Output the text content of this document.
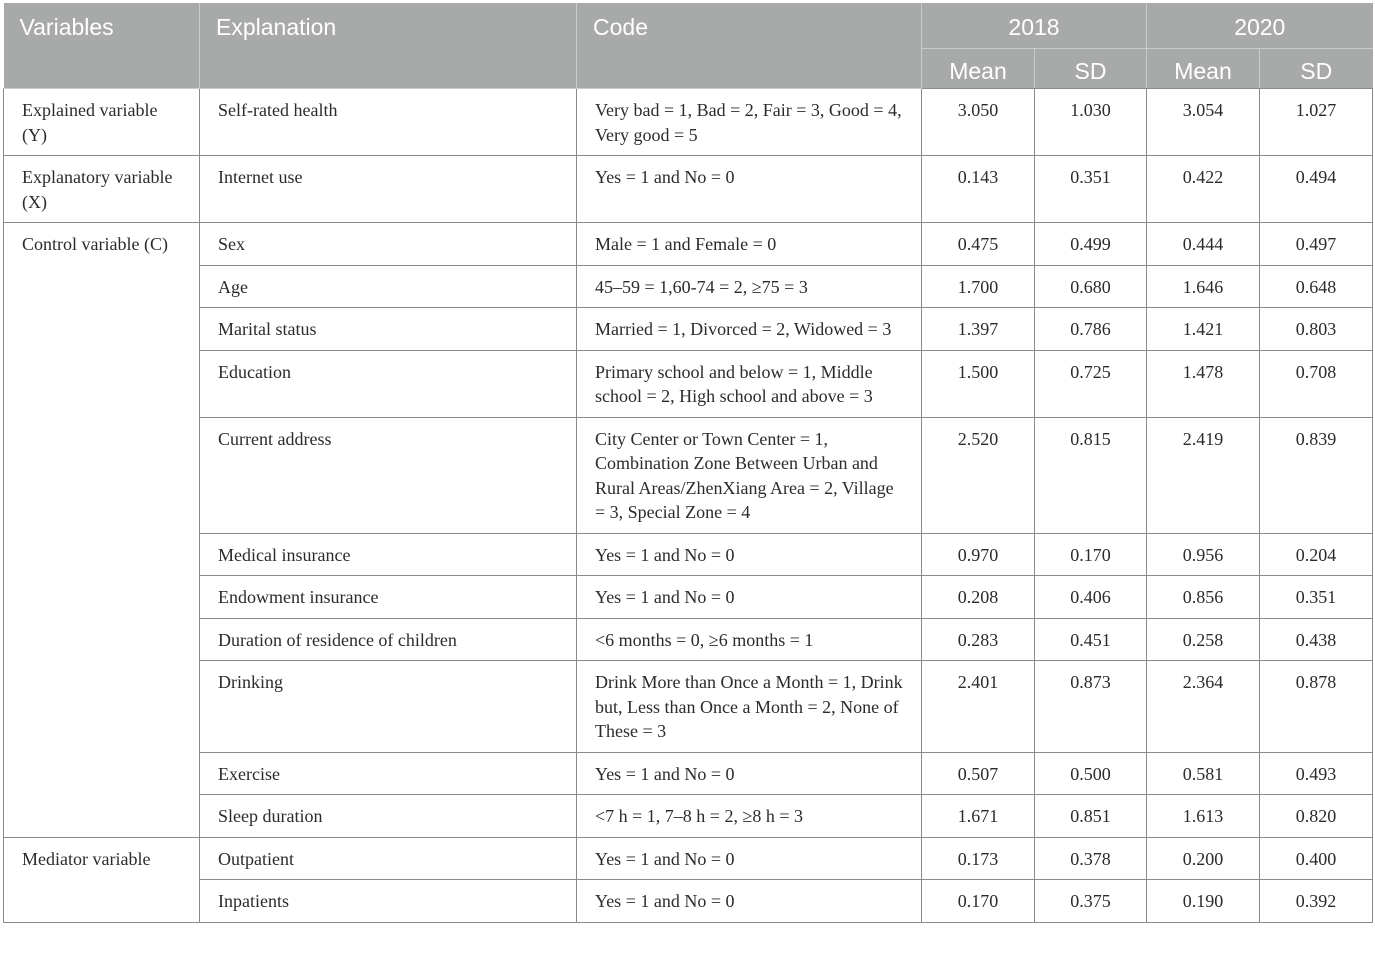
Variables	Explanation	Code	2018		2020	
			Mean	SD	Mean	SD
Explained variable (Y)	Self-rated health	Very bad = 1, Bad = 2, Fair = 3, Good = 4, Very good = 5	3.050	1.030	3.054	1.027
Explanatory variable (X)	Internet use	Yes = 1 and No = 0	0.143	0.351	0.422	0.494
Control variable (C)	Sex	Male = 1 and Female = 0	0.475	0.499	0.444	0.497
	Age	45–59 = 1,60-74 = 2, ≥75 = 3	1.700	0.680	1.646	0.648
	Marital status	Married = 1, Divorced = 2, Widowed = 3	1.397	0.786	1.421	0.803
	Education	Primary school and below = 1, Middle school = 2, High school and above = 3	1.500	0.725	1.478	0.708
	Current address	City Center or Town Center = 1, Combination Zone Between Urban and Rural Areas/ZhenXiang Area = 2, Village = 3, Special Zone = 4	2.520	0.815	2.419	0.839
	Medical insurance	Yes = 1 and No = 0	0.970	0.170	0.956	0.204
	Endowment insurance	Yes = 1 and No = 0	0.208	0.406	0.856	0.351
	Duration of residence of children	<6 months = 0, ≥6 months = 1	0.283	0.451	0.258	0.438
	Drinking	Drink More than Once a Month = 1, Drink but, Less than Once a Month = 2, None of These = 3	2.401	0.873	2.364	0.878
	Exercise	Yes = 1 and No = 0	0.507	0.500	0.581	0.493
	Sleep duration	<7 h = 1, 7–8 h = 2, ≥8 h = 3	1.671	0.851	1.613	0.820
Mediator variable	Outpatient	Yes = 1 and No = 0	0.173	0.378	0.200	0.400
	Inpatients	Yes = 1 and No = 0	0.170	0.375	0.190	0.392
